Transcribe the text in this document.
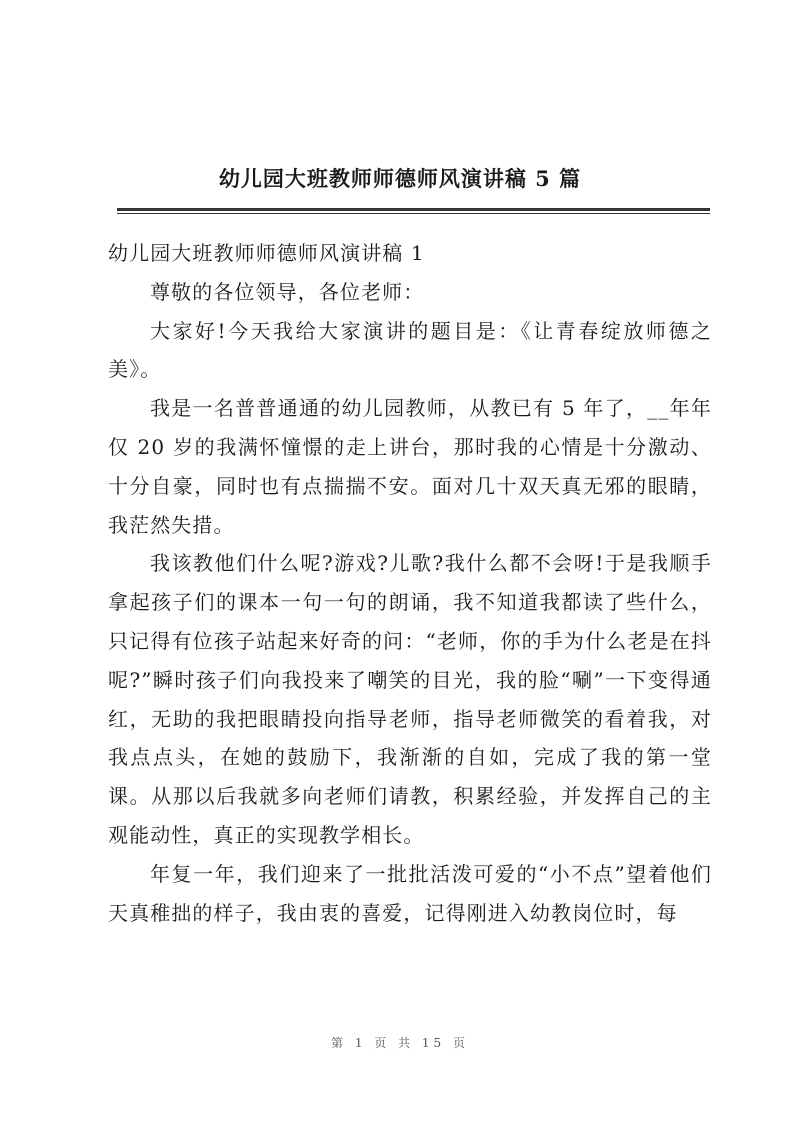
幼儿园大班教师师德师风演讲稿 5 篇

幼儿园大班教师师德师风演讲稿 1

尊敬的各位领导，各位老师：

大家好!今天我给大家演讲的题目是：《让青春绽放师德之美》。

我是一名普普通通的幼儿园教师，从教已有 5 年了，__年年仅 20 岁的我满怀憧憬的走上讲台，那时我的心情是十分激动、十分自豪，同时也有点揣揣不安。面对几十双天真无邪的眼睛，我茫然失措。

我该教他们什么呢?游戏?儿歌?我什么都不会呀!于是我顺手拿起孩子们的课本一句一句的朗诵，我不知道我都读了些什么，只记得有位孩子站起来好奇的问：“老师，你的手为什么老是在抖呢?”瞬时孩子们向我投来了嘲笑的目光，我的脸“唰”一下变得通红，无助的我把眼睛投向指导老师，指导老师微笑的看着我，对我点点头，在她的鼓励下，我渐渐的自如，完成了我的第一堂课。从那以后我就多向老师们请教，积累经验，并发挥自己的主观能动性，真正的实现教学相长。

年复一年，我们迎来了一批批活泼可爱的“小不点”望着他们天真稚拙的样子，我由衷的喜爱，记得刚进入幼教岗位时，每

第 1 页 共 15 页
